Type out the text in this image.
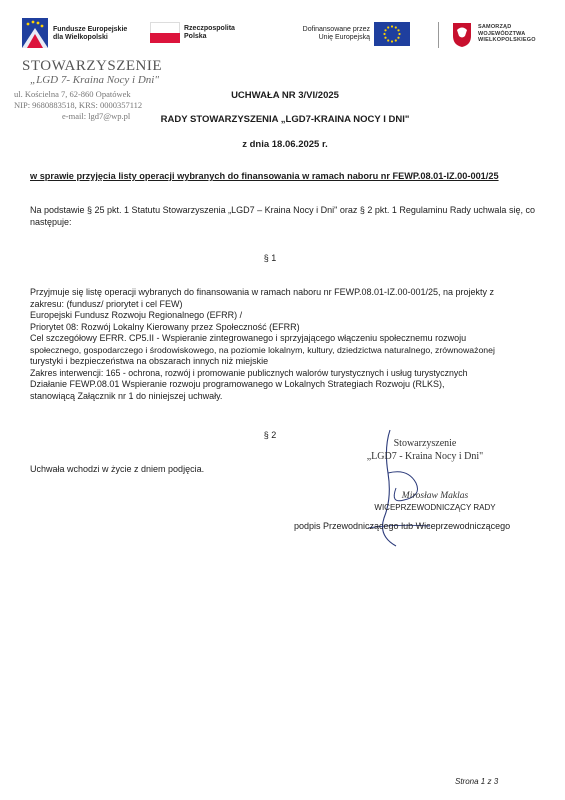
Fundusze Europejskie
dla Wielkopolski
Rzeczpospolita
Polska
Dofinansowane przez
Unię Europejską
SAMORZĄD
WOJEWÓDZTWA
WIELKOPOLSKIEGO
STOWARZYSZENIE
„LGD 7- Kraina Nocy i Dni"
ul. Kościelna 7, 62-860 Opatówek
NIP: 9680883518, KRS: 0000357112
e-mail: lgd7@wp.pl
UCHWAŁA NR 3/VI/2025
RADY STOWARZYSZENIA „LGD7-KRAINA NOCY I DNI"
z dnia 18.06.2025 r.
w sprawie przyjęcia listy operacji wybranych do finansowania w ramach naboru nr FEWP.08.01-IZ.00-001/25
Na podstawie § 25 pkt. 1 Statutu Stowarzyszenia „LGD7 – Kraina Nocy i Dni" oraz § 2 pkt. 1 Regulaminu Rady uchwala się, co następuje:
§ 1
Przyjmuje się listę operacji wybranych do finansowania w ramach naboru nr FEWP.08.01-IZ.00-001/25, na projekty z
zakresu: (fundusz/ priorytet i cel FEW)
Europejski Fundusz Rozwoju Regionalnego (EFRR) /
Priorytet 08: Rozwój Lokalny Kierowany przez Społeczność (EFRR)
Cel szczegółowy EFRR. CP5.II - Wspieranie zintegrowanego i sprzyjającego włączeniu społecznemu rozwoju
społecznego, gospodarczego i środowiskowego, na poziomie lokalnym, kultury, dziedzictwa naturalnego, zrównoważonej
turystyki i bezpieczeństwa na obszarach innych niż miejskie
Zakres interwencji: 165 - ochrona, rozwój i promowanie publicznych walorów turystycznych i usług turystycznych
Działanie FEWP.08.01 Wspieranie rozwoju programowanego w Lokalnych Strategiach Rozwoju (RLKS),
stanowiącą Załącznik nr 1 do niniejszej uchwały.
§ 2
Uchwała wchodzi w życie z dniem podjęcia.
Stowarzyszenie
„LGD7 - Kraina Nocy i Dni"
Mirosław Maklas
WICEPRZEWODNICZĄCY RADY
podpis Przewodniczącego lub Wiceprzewodniczącego
Strona 1 z 3
